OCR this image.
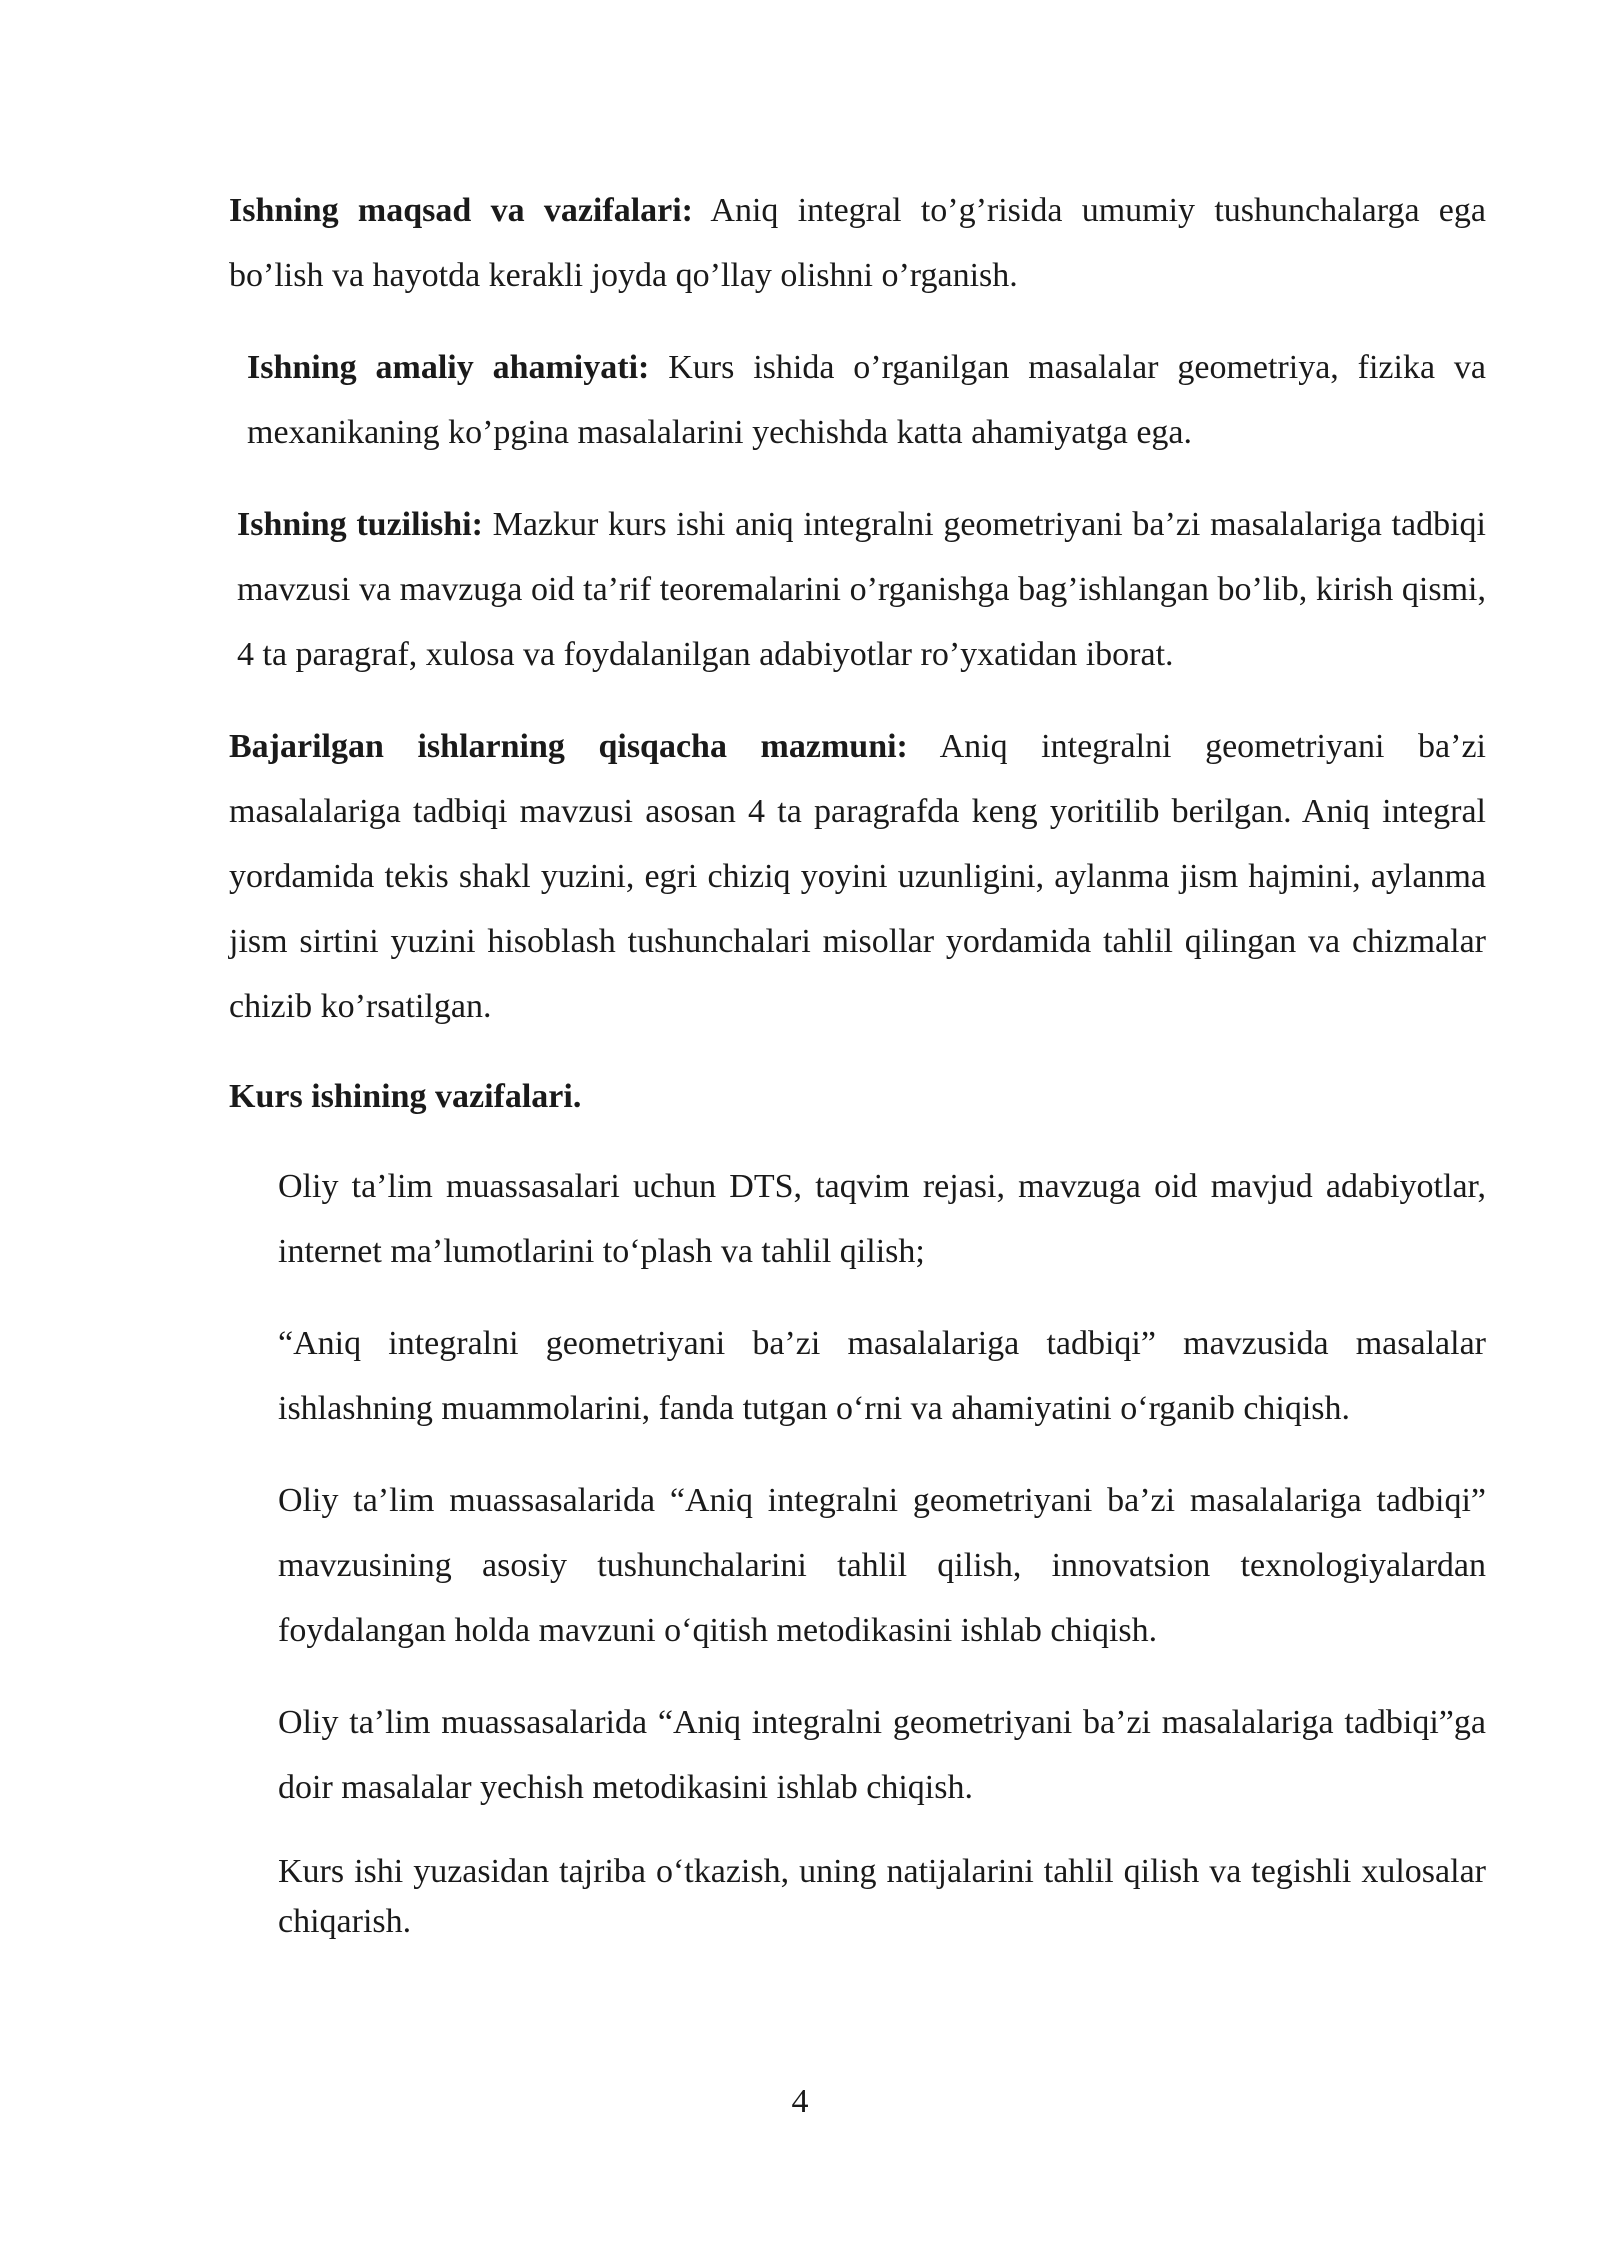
Ishning maqsad va vazifalari: Aniq integral to’g’risida umumiy tushunchalarga ega bo’lish va hayotda kerakli joyda qo’llay olishni o’rganish.

Ishning amaliy ahamiyati: Kurs ishida o’rganilgan masalalar geometriya, fizika va mexanikaning ko’pgina masalalarini yechishda katta ahamiyatga ega.

Ishning tuzilishi: Mazkur kurs ishi aniq integralni geometriyani ba’zi masalalariga tadbiqi mavzusi va mavzuga oid ta’rif teoremalarini o’rganishga bag’ishlangan bo’lib, kirish qismi, 4 ta paragraf, xulosa va foydalanilgan adabiyotlar ro’yxatidan iborat.

Bajarilgan ishlarning qisqacha mazmuni: Aniq integralni geometriyani ba’zi masalalariga tadbiqi mavzusi asosan 4 ta paragrafda keng yoritilib berilgan. Aniq integral yordamida tekis shakl yuzini, egri chiziq yoyini uzunligini, aylanma jism hajmini, aylanma jism sirtini yuzini hisoblash tushunchalari misollar yordamida tahlil qilingan va chizmalar chizib ko’rsatilgan.

Kurs ishining vazifalari.

Oliy ta’lim muassasalari uchun DTS, taqvim rejasi, mavzuga oid mavjud adabiyotlar, internet ma’lumotlarini to‘plash va tahlil qilish;

“Aniq integralni geometriyani ba’zi masalalariga tadbiqi” mavzusida masalalar ishlashning muammolarini, fanda tutgan o‘rni va ahamiyatini o‘rganib chiqish.

Oliy ta’lim muassasalarida “Aniq integralni geometriyani ba’zi masalalariga tadbiqi” mavzusining asosiy tushunchalarini tahlil qilish, innovatsion texnologiyalardan foydalangan holda mavzuni o‘qitish metodikasini ishlab chiqish.

Oliy ta’lim muassasalarida “Aniq integralni geometriyani ba’zi masalalariga tadbiqi”ga doir masalalar yechish metodikasini ishlab chiqish.

Kurs ishi yuzasidan tajriba o‘tkazish, uning natijalarini tahlil qilish va tegishli xulosalar chiqarish.

4
